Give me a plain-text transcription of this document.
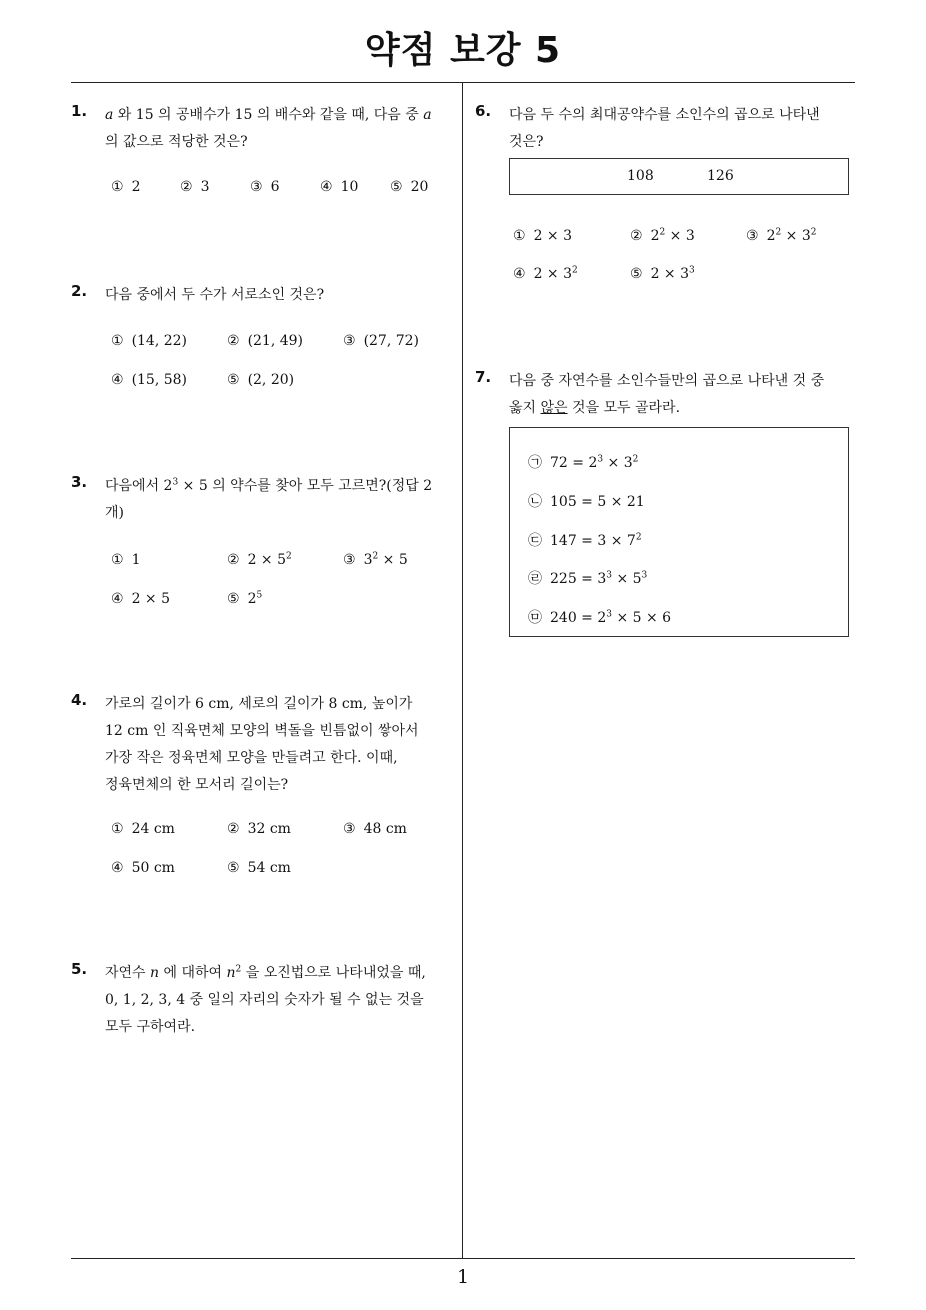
약점 보강 5
1. a 와 15 의 공배수가 15 의 배수와 같을 때, 다음 중 a
의 값으로 적당한 것은?
① 2	② 3	③ 6	④ 10 ⑤ 20
2. 다음 중에서 두 수가 서로소인 것은?
① (14, 22)	② (21, 49)	③ (27, 72)
④ (15, 58)	⑤ (2, 20)
3. 다음에서 $2^3 \times 5$ 의 약수를 찾아 모두 고르면?(정답 2
개)
① 1	② $2 \times 5^2$	③ $3^2 \times 5$
④ 2 × 5	⑤ $2^5$
4. 가로의 길이가 6 cm, 세로의 길이가 8 cm, 높이가
12 cm 인 직육면체 모양의 벽돌을 빈틈없이 쌓아서
가장 작은 정육면체 모양을 만들려고 한다. 이때,
정육면체의 한 모서리 길이는?
① 24 cm	② 32 cm	③ 48 cm
④ 50 cm	⑤ 54 cm
5. 자연수 n 에 대하여 $n^2$ 을 오진법으로 나타내었을 때,
0, 1, 2, 3, 4 중 일의 자리의 숫자가 될 수 없는 것을
모두 구하여라.
6. 다음 두 수의 최대공약수를 소인수의 곱으로 나타낸
것은?
108	126
① 2 × 3	② $2^2 \times 3$	③ $2^2 \times 3^2$
④ $2 \times 3^2$	⑤ $2 \times 3^3$
7. 다음 중 자연수를 소인수들만의 곱으로 나타낸 것 중
옳지 않은 것을 모두 골라라.
㉠ $72 = 2^3 \times 3^2$
㉡ 105 = 5 × 21
㉢ $147 = 3 \times 7^2$
㉣ $225 = 3^3 \times 5^3$
㉤ $240 = 2^3 \times 5 \times 6$
1
